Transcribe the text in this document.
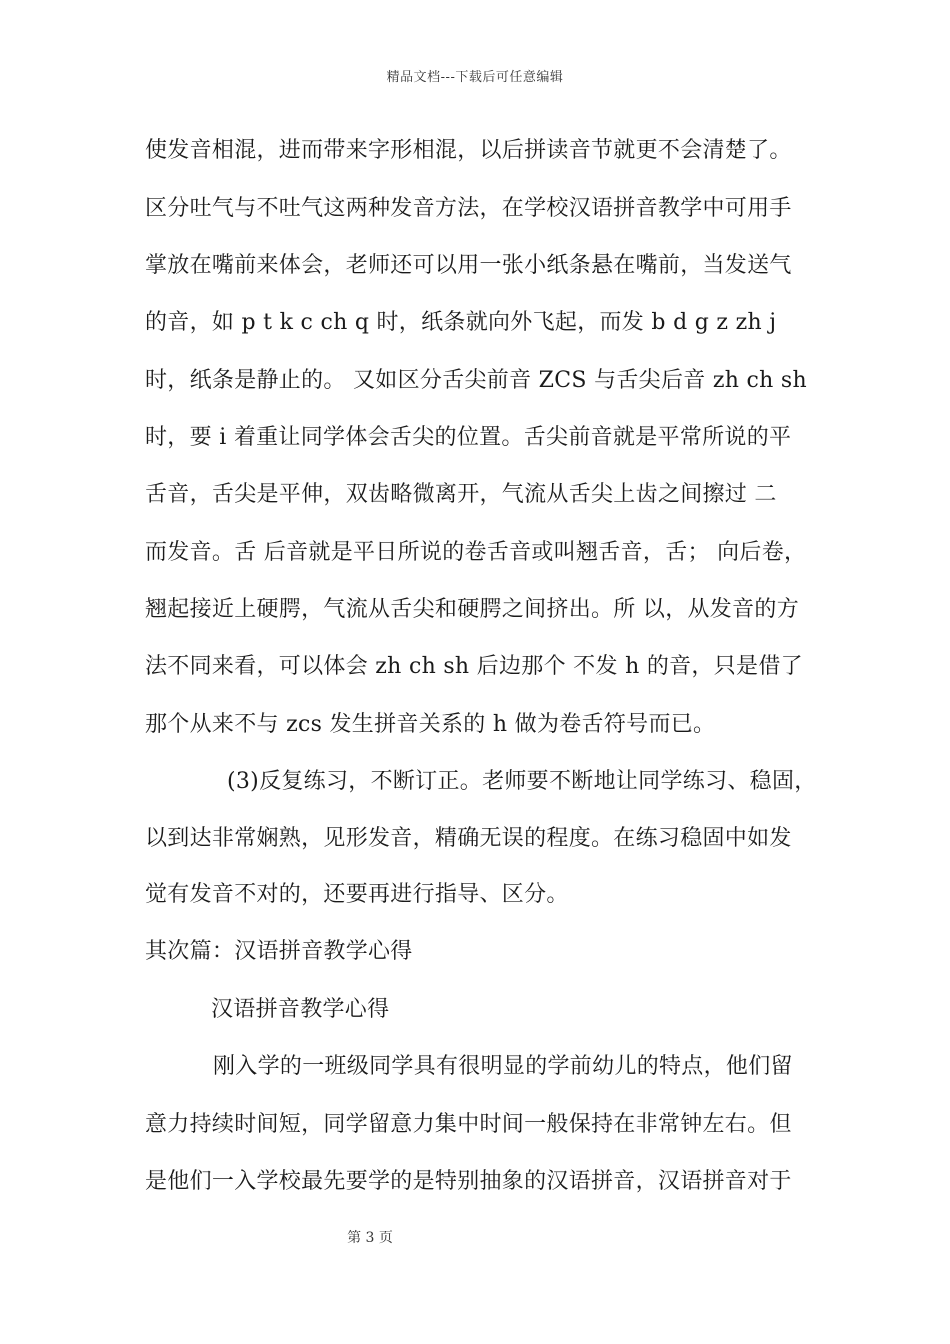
精品文档---下载后可任意编辑
使发音相混，进而带来字形相混，以后拼读音节就更不会清楚了。
区分吐气与不吐气这两种发音方法，在学校汉语拼音教学中可用手
掌放在嘴前来体会，老师还可以用一张小纸条悬在嘴前，当发送气
的音，如 p t k c ch q 时，纸条就向外飞起，而发 b d g z zh j
时，纸条是静止的。 又如区分舌尖前音 ZCS 与舌尖后音 zh ch sh
时，要 i 着重让同学体会舌尖的位置。舌尖前音就是平常所说的平
舌音，舌尖是平伸，双齿略微离开，气流从舌尖上齿之间擦过 二
而发音。舌 后音就是平日所说的卷舌音或叫翘舌音，舌； 向后卷，
翘起接近上硬腭，气流从舌尖和硬腭之间挤出。所 以，从发音的方
法不同来看，可以体会 zh ch sh 后边那个 不发 h 的音，只是借了
那个从来不与 zcs 发生拼音关系的 h 做为卷舌符号而已。
(3)反复练习，不断订正。老师要不断地让同学练习、稳固，
以到达非常娴熟，见形发音，精确无误的程度。在练习稳固中如发
觉有发音不对的，还要再进行指导、区分。
其次篇：汉语拼音教学心得
汉语拼音教学心得
刚入学的一班级同学具有很明显的学前幼儿的特点，他们留
意力持续时间短，同学留意力集中时间一般保持在非常钟左右。但
是他们一入学校最先要学的是特别抽象的汉语拼音，汉语拼音对于
第 3 页
